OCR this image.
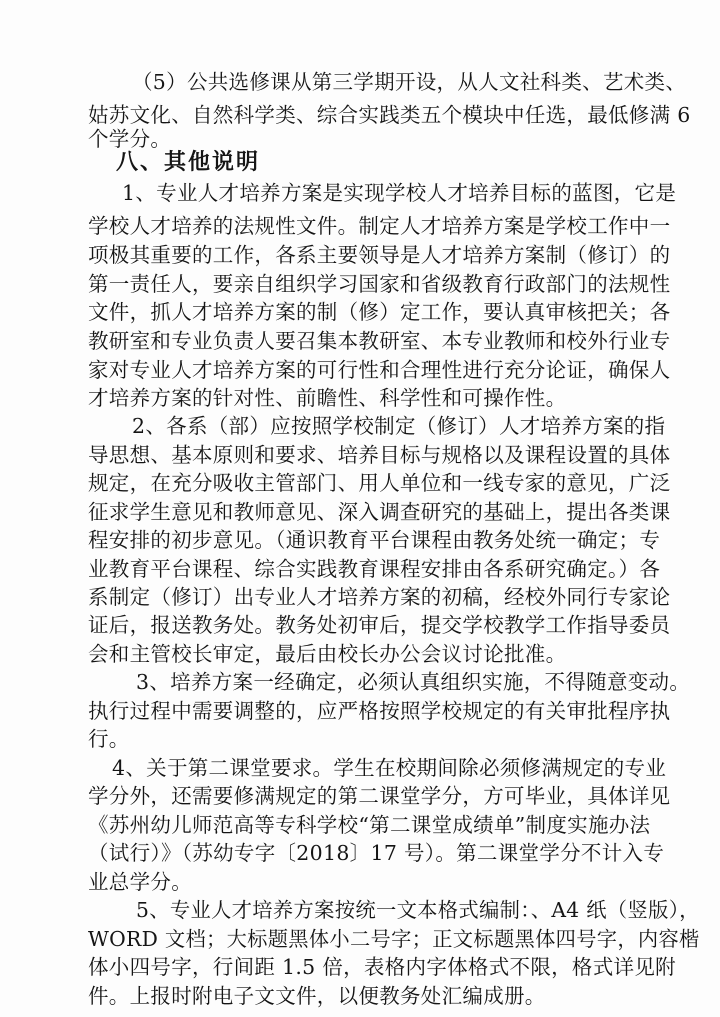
（5）公共选修课从第三学期开设，从人文社科类、艺术类、
姑苏文化、自然科学类、综合实践类五个模块中任选，最低修满 6
个学分。
八、其他说明
1、专业人才培养方案是实现学校人才培养目标的蓝图，它是
学校人才培养的法规性文件。制定人才培养方案是学校工作中一
项极其重要的工作，各系主要领导是人才培养方案制（修订）的
第一责任人，要亲自组织学习国家和省级教育行政部门的法规性
文件，抓人才培养方案的制（修）定工作，要认真审核把关；各
教研室和专业负责人要召集本教研室、本专业教师和校外行业专
家对专业人才培养方案的可行性和合理性进行充分论证，确保人
才培养方案的针对性、前瞻性、科学性和可操作性。
2、各系（部）应按照学校制定（修订）人才培养方案的指
导思想、基本原则和要求、培养目标与规格以及课程设置的具体
规定，在充分吸收主管部门、用人单位和一线专家的意见，广泛
征求学生意见和教师意见、深入调查研究的基础上，提出各类课
程安排的初步意见。（通识教育平台课程由教务处统一确定；专
业教育平台课程、综合实践教育课程安排由各系研究确定。）各
系制定（修订）出专业人才培养方案的初稿，经校外同行专家论
证后，报送教务处。教务处初审后，提交学校教学工作指导委员
会和主管校长审定，最后由校长办公会议讨论批准。
3、培养方案一经确定，必须认真组织实施，不得随意变动。
执行过程中需要调整的，应严格按照学校规定的有关审批程序执
行。
4、关于第二课堂要求。学生在校期间除必须修满规定的专业
学分外，还需要修满规定的第二课堂学分，方可毕业，具体详见
《苏州幼儿师范高等专科学校“第二课堂成绩单”制度实施办法
（试行）》（苏幼专字〔2018〕17 号）。第二课堂学分不计入专
业总学分。
5、专业人才培养方案按统一文本格式编制：、A4 纸（竖版），
WORD 文档；大标题黑体小二号字；正文标题黑体四号字，内容楷
体小四号字，行间距 1.5 倍，表格内字体格式不限，格式详见附
件。上报时附电子文文件，以便教务处汇编成册。
